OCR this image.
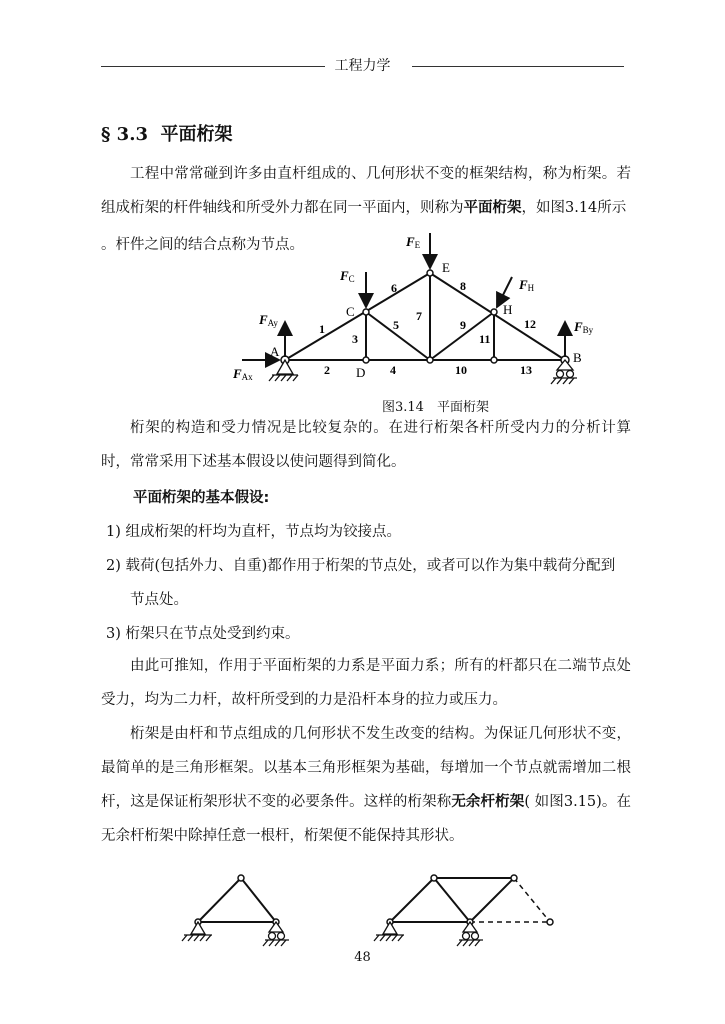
工程力学
§ 3.3 平面桁架
工程中常常碰到许多由直杆组成的、几何形状不变的框架结构，称为桁架。若组成桁架的杆件轴线和所受外力都在同一平面内，则称为平面桁架，如图3.14所示
。杆件之间的结合点称为节点。
A	B
C
D
E
H
1
2
3
4
5
6
7
8
9
10
11
12
13
FE
FC	FH
FAy
FAx
FBy
图3.14　平面桁架
桁架的构造和受力情况是比较复杂的。在进行桁架各杆所受内力的分析计算时，常常采用下述基本假设以使问题得到简化。
平面桁架的基本假设:
1) 组成桁架的杆均为直杆，节点均为铰接点。
2) 载荷(包括外力、自重)都作用于桁架的节点处，或者可以作为集中载荷分配到
节点处。
3) 桁架只在节点处受到约束。
由此可推知，作用于平面桁架的力系是平面力系；所有的杆都只在二端节点处受力，均为二力杆，故杆所受到的力是沿杆本身的拉力或压力。
桁架是由杆和节点组成的几何形状不发生改变的结构。为保证几何形状不变，最简单的是三角形框架。以基本三角形框架为基础，每增加一个节点就需增加二根杆，这是保证桁架形状不变的必要条件。这样的桁架称无余杆桁架( 如图3.15)。在无余杆桁架中除掉任意一根杆，桁架便不能保持其形状。
48
